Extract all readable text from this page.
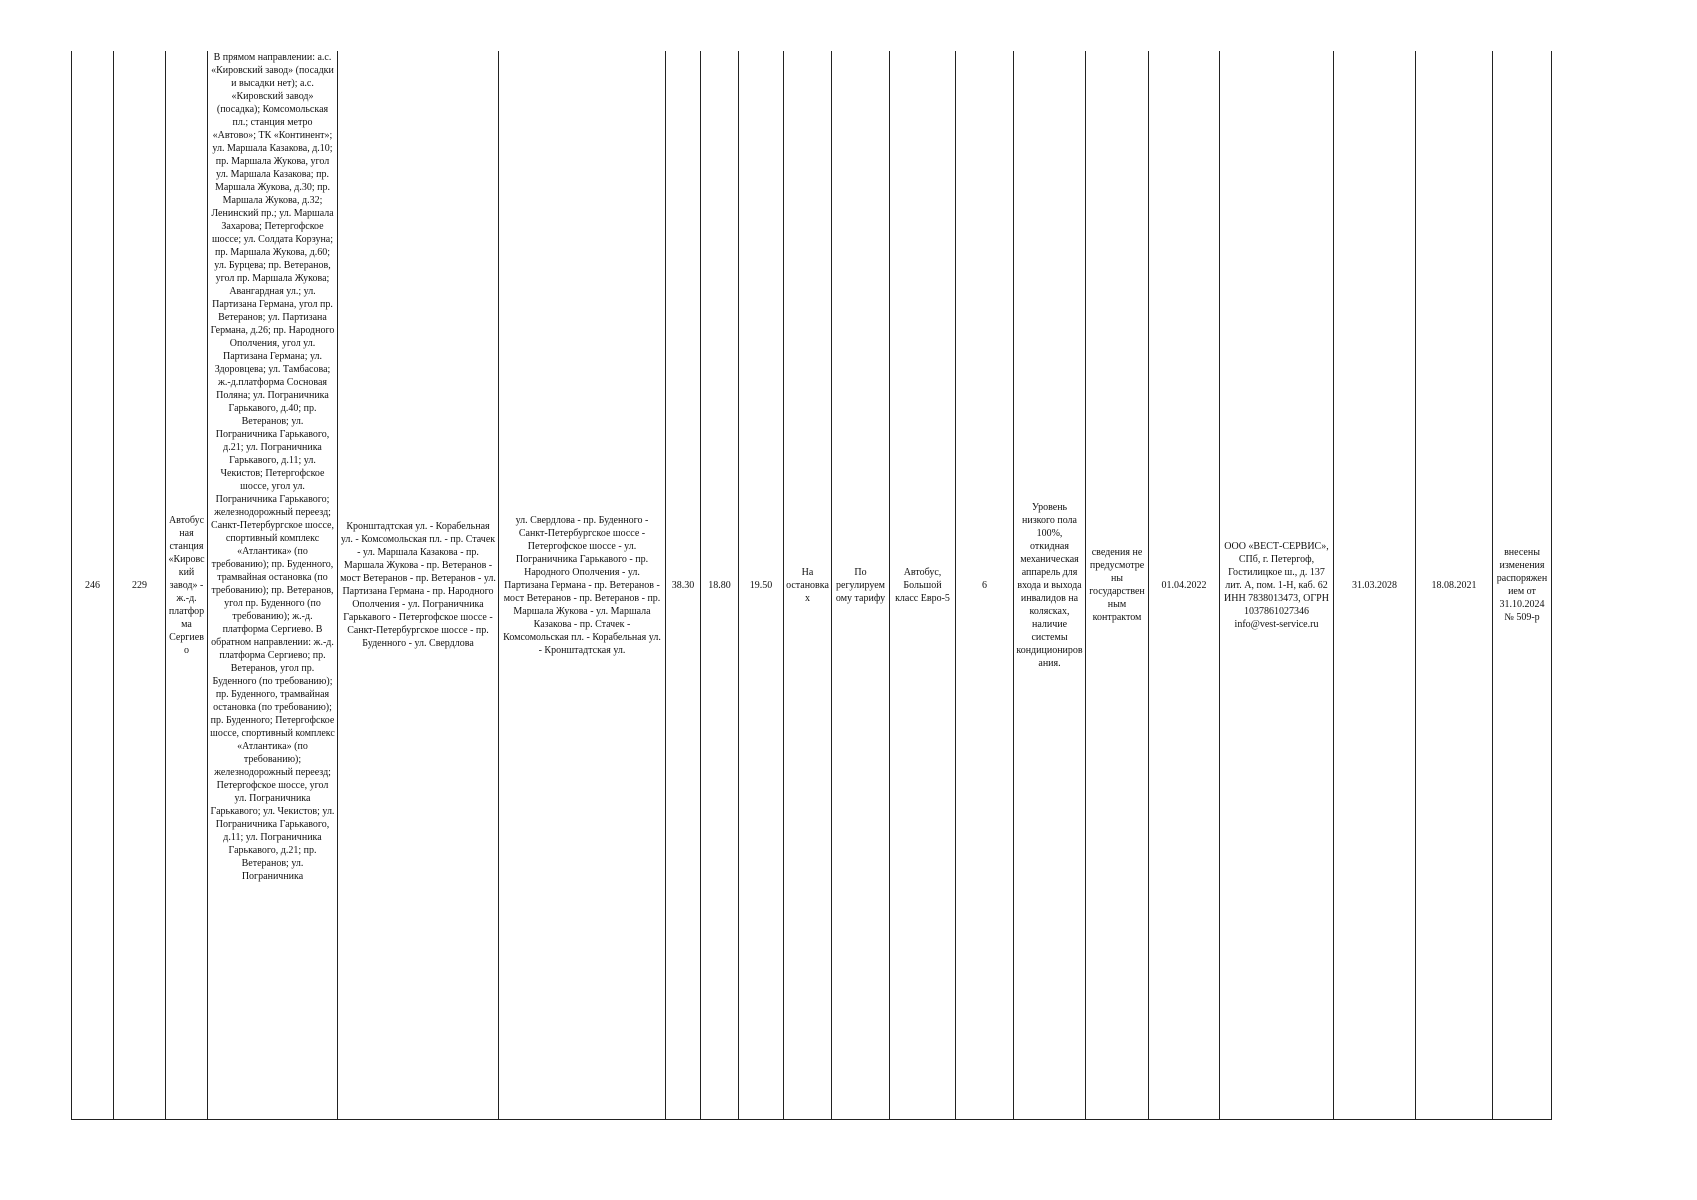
246	229	Автобусная станция «Кировский завод» - ж.-д. платформа Сергиево	В прямом направлении: а.с. «Кировский завод» (посадки и высадки нет); а.с. «Кировский завод» (посадка); Комсомольская пл.; станция метро «Автово»; ТК «Континент»; ул. Маршала Казакова, д.10; пр. Маршала Жукова, угол ул. Маршала Казакова; пр. Маршала Жукова, д.30; пр. Маршала Жукова, д.32; Ленинский пр.; ул. Маршала Захарова; Петергофское шоссе; ул. Солдата Корзуна; пр. Маршала Жукова, д.60; ул. Бурцева; пр. Ветеранов, угол пр. Маршала Жукова; Авангардная ул.; ул. Партизана Германа, угол пр. Ветеранов; ул. Партизана Германа, д.26; пр. Народного Ополчения, угол ул. Партизана Германа; ул. Здоровцева; ул. Тамбасова; ж.-д.платформа Сосновая Поляна; ул. Пограничника Гарькавого, д.40; пр. Ветеранов; ул. Пограничника Гарькавого, д.21; ул. Пограничника Гарькавого, д.11; ул. Чекистов; Петергофское шоссе, угол ул. Пограничника Гарькавого; железнодорожный переезд; Санкт-Петербургское шоссе, спортивный комплекс «Атлантика» (по требованию); пр. Буденного, трамвайная остановка (по требованию); пр. Ветеранов, угол пр. Буденного (по требованию); ж.-д. платформа Сергиево. В обратном направлении: ж.-д. платформа Сергиево; пр. Ветеранов, угол пр. Буденного (по требованию); пр. Буденного, трамвайная остановка (по требованию); пр. Буденного; Петергофское шоссе, спортивный комплекс «Атлантика» (по требованию); железнодорожный переезд; Петергофское шоссе, угол ул. Пограничника Гарькавого; ул. Чекистов; ул. Пограничника Гарькавого, д.11; ул. Пограничника Гарькавого, д.21; пр. Ветеранов; ул. Пограничника	Кронштадтская ул. - Корабельная ул. - Комсомольская пл. - пр. Стачек - ул. Маршала Казакова - пр. Маршала Жукова - пр. Ветеранов - мост Ветеранов - пр. Ветеранов - ул. Партизана Германа - пр. Народного Ополчения - ул. Пограничника Гарькавого - Петергофское шоссе - Санкт-Петербургское шоссе - пр. Буденного - ул. Свердлова	ул. Свердлова - пр. Буденного - Санкт-Петербургское шоссе - Петергофское шоссе - ул. Пограничника Гарькавого - пр. Народного Ополчения - ул. Партизана Германа - пр. Ветеранов - мост Ветеранов - пр. Ветеранов - пр. Маршала Жукова - ул. Маршала Казакова - пр. Стачек - Комсомольская пл. - Корабельная ул. - Кронштадтская ул.	38.30	18.80	19.50	На остановках	По регулируемому тарифу	Автобус, Большой класс Евро-5	6	Уровень низкого пола 100%, откидная механическая аппарель для входа и выхода инвалидов на колясках, наличие системы кондиционирования.	сведения не предусмотрены государственным контрактом	01.04.2022	ООО «ВЕСТ-СЕРВИС», СПб, г. Петергоф, Гостилицкое ш., д. 137 лит. А, пом. 1-Н, каб. 62 ИНН 7838013473, ОГРН 1037861027346 info@vest-service.ru	31.03.2028	18.08.2021	внесены изменения распоряжением от 31.10.2024 № 509-р
